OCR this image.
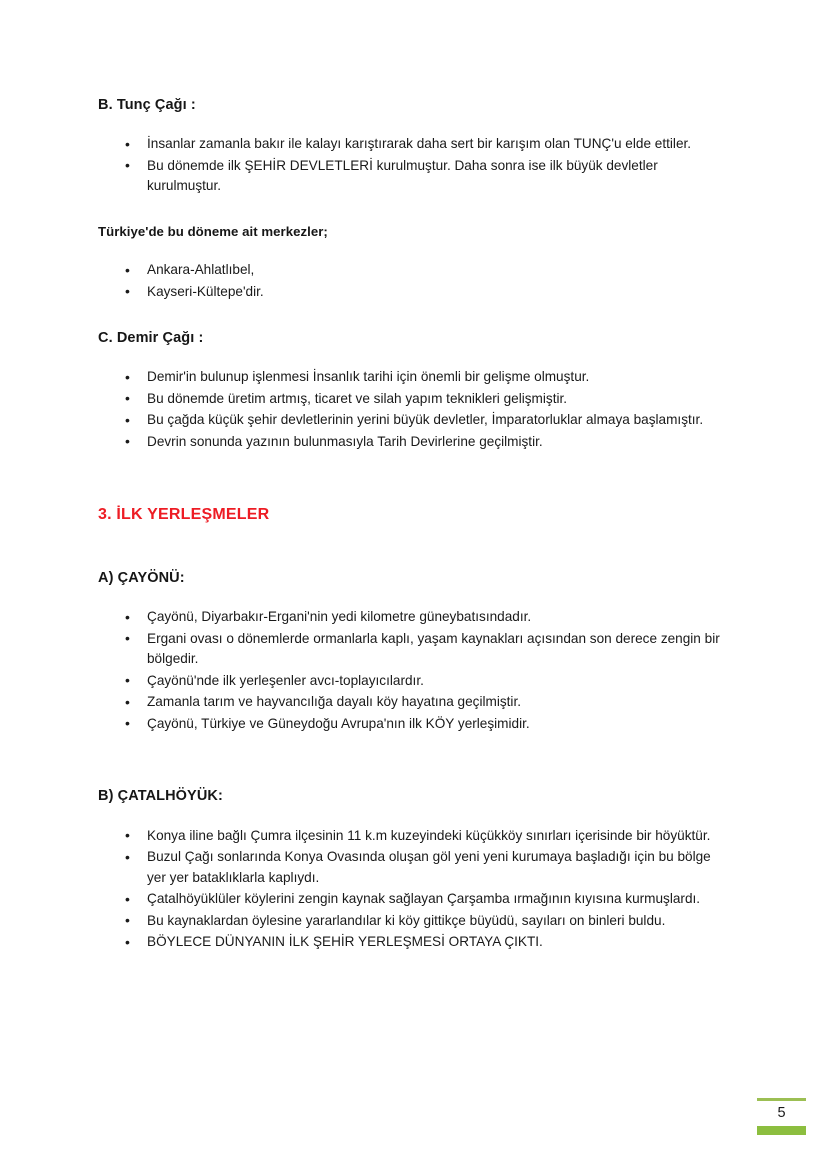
B. Tunç Çağı :
• İnsanlar zamanla bakır ile kalayı karıştırarak daha sert bir karışım olan TUNÇ'u elde ettiler.
• Bu dönemde ilk ŞEHİR DEVLETLERİ kurulmuştur. Daha sonra ise ilk büyük devletler kurulmuştur.
Türkiye'de bu döneme ait merkezler;
• Ankara-Ahlatlıbel,
• Kayseri-Kültepe'dir.
C. Demir Çağı :
• Demir'in bulunup işlenmesi İnsanlık tarihi için önemli bir gelişme olmuştur.
• Bu dönemde üretim artmış, ticaret ve silah yapım teknikleri gelişmiştir.
• Bu çağda küçük şehir devletlerinin yerini büyük devletler, İmparatorluklar almaya başlamıştır.
• Devrin sonunda yazının bulunmasıyla Tarih Devirlerine geçilmiştir.
3. İLK YERLEŞMELER
A) ÇAYÖNÜ:
• Çayönü, Diyarbakır-Ergani'nin yedi kilometre güneybatısındadır.
• Ergani ovası o dönemlerde ormanlarla kaplı, yaşam kaynakları açısından son derece zengin bir bölgedir.
• Çayönü'nde ilk yerleşenler avcı-toplayıcılardır.
• Zamanla tarım ve hayvancılığa dayalı köy hayatına geçilmiştir.
• Çayönü, Türkiye ve Güneydoğu Avrupa'nın ilk KÖY yerleşimidir.
B) ÇATALHÖYÜK:
• Konya iline bağlı Çumra ilçesinin 11 k.m kuzeyindeki küçükköy sınırları içerisinde bir höyüktür.
• Buzul Çağı sonlarında Konya Ovasında oluşan göl yeni yeni kurumaya başladığı için bu bölge yer yer bataklıklarla kaplıydı.
• Çatalhöyüklüler köylerini zengin kaynak sağlayan Çarşamba ırmağının kıyısına kurmuşlardı.
• Bu kaynaklardan öylesine yararlandılar ki köy gittikçe büyüdü, sayıları on binleri buldu.
• BÖYLECE DÜNYANIN İLK ŞEHİR YERLEŞMESİ ORTAYA ÇIKTI.
5
